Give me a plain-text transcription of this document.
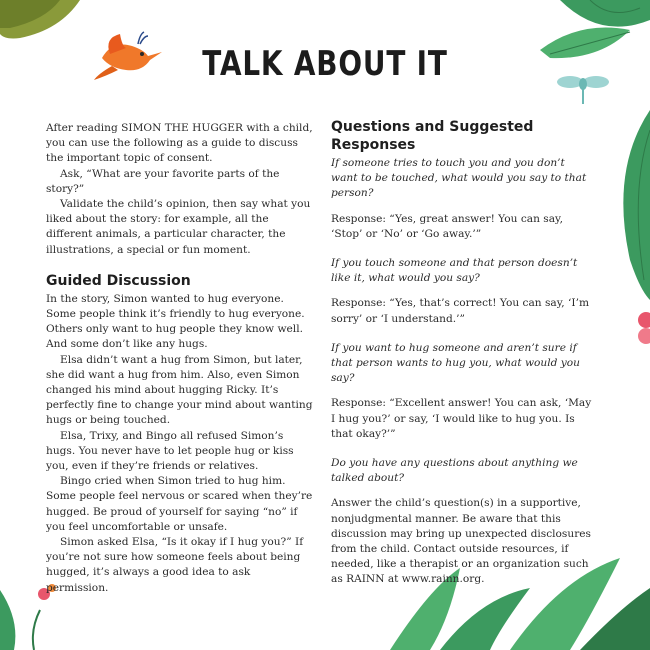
TALK ABOUT IT

After reading SIMON THE HUGGER with a child, you can use the following as a guide to discuss the important topic of consent.

Ask, “What are your favorite parts of the story?”

Validate the child’s opinion, then say what you liked about the story: for example, all the different animals, a particular character, the illustrations, a special or fun moment.

Guided Discussion

In the story, Simon wanted to hug everyone. Some people think it’s friendly to hug everyone. Others only want to hug people they know well. And some don’t like any hugs.

Elsa didn’t want a hug from Simon, but later, she did want a hug from him. Also, even Simon changed his mind about hugging Ricky. It’s perfectly fine to change your mind about wanting hugs or being touched.

Elsa, Trixy, and Bingo all refused Simon’s hugs. You never have to let people hug or kiss you, even if they’re friends or relatives.

Bingo cried when Simon tried to hug him. Some people feel nervous or scared when they’re hugged. Be proud of yourself for saying “no” if you feel uncomfortable or unsafe.

Simon asked Elsa, “Is it okay if I hug you?” If you’re not sure how someone feels about being hugged, it’s always a good idea to ask permission.

Questions and Suggested Responses

If someone tries to touch you and you don’t want to be touched, what would you say to that person?

Response: “Yes, great answer! You can say, ‘Stop’ or ‘No’ or ‘Go away.’”

If you touch someone and that person doesn’t like it, what would you say?

Response: “Yes, that’s correct! You can say, ‘I’m sorry’ or ‘I understand.’”

If you want to hug someone and aren’t sure if that person wants to hug you, what would you say?

Response: “Excellent answer! You can ask, ‘May I hug you?’ or say, ‘I would like to hug you. Is that okay?’”

Do you have any questions about anything we talked about?

Answer the child’s question(s) in a supportive, nonjudgmental manner. Be aware that this discussion may bring up unexpected disclosures from the child. Contact outside resources, if needed, like a therapist or an organization such as RAINN at www.rainn.org.
